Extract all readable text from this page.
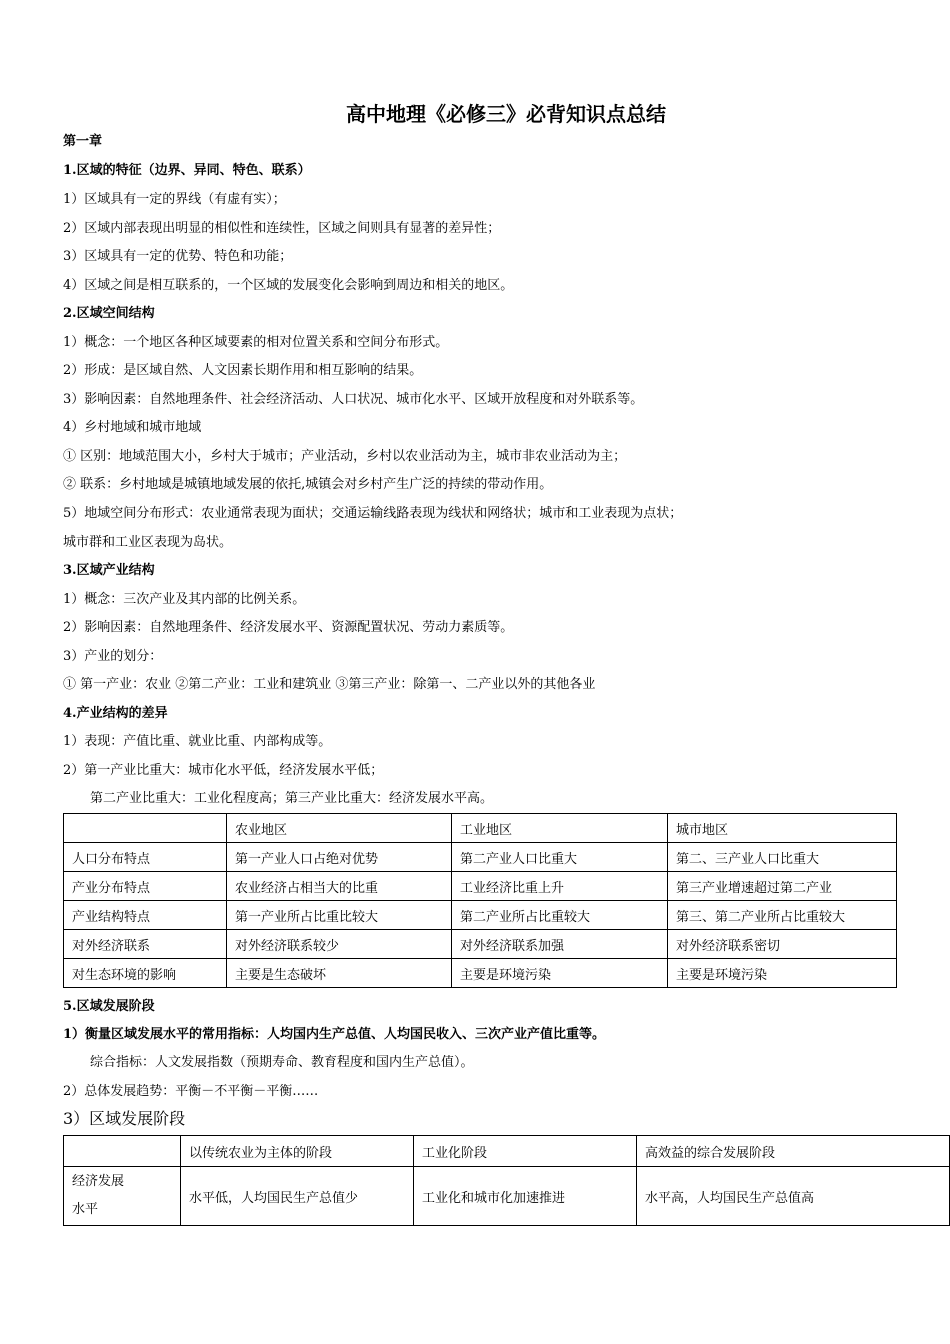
高中地理《必修三》必背知识点总结
第一章
1.区域的特征（边界、异同、特色、联系）
1）区域具有一定的界线（有虚有实）；
2）区域内部表现出明显的相似性和连续性，区域之间则具有显著的差异性；
3）区域具有一定的优势、特色和功能；
4）区域之间是相互联系的，一个区域的发展变化会影响到周边和相关的地区。
2.区域空间结构
1）概念：一个地区各种区域要素的相对位置关系和空间分布形式。
2）形成：是区域自然、人文因素长期作用和相互影响的结果。
3）影响因素：自然地理条件、社会经济活动、人口状况、城市化水平、区域开放程度和对外联系等。
4）乡村地域和城市地域
① 区别：地域范围大小，乡村大于城市；产业活动，乡村以农业活动为主，城市非农业活动为主；
② 联系：乡村地域是城镇地域发展的依托,城镇会对乡村产生广泛的持续的带动作用。
5）地域空间分布形式：农业通常表现为面状；交通运输线路表现为线状和网络状；城市和工业表现为点状；
城市群和工业区表现为岛状。
3.区域产业结构
1）概念：三次产业及其内部的比例关系。
2）影响因素：自然地理条件、经济发展水平、资源配置状况、劳动力素质等。
3）产业的划分：
① 第一产业：农业 ②第二产业：工业和建筑业 ③第三产业：除第一、二产业以外的其他各业
4.产业结构的差异
1）表现：产值比重、就业比重、内部构成等。
2）第一产业比重大：城市化水平低，经济发展水平低；
第二产业比重大：工业化程度高；第三产业比重大：经济发展水平高。
	农业地区	工业地区	城市地区
人口分布特点	第一产业人口占绝对优势	第二产业人口比重大	第二、三产业人口比重大
产业分布特点	农业经济占相当大的比重	工业经济比重上升	第三产业增速超过第二产业
产业结构特点	第一产业所占比重比较大	第二产业所占比重较大	第三、第二产业所占比重较大
对外经济联系	对外经济联系较少	对外经济联系加强	对外经济联系密切
对生态环境的影响	主要是生态破坏	主要是环境污染	主要是环境污染
5.区域发展阶段
1）衡量区域发展水平的常用指标：人均国内生产总值、人均国民收入、三次产业产值比重等。
综合指标：人文发展指数（预期寿命、教育程度和国内生产总值）。
2）总体发展趋势：平衡－不平衡－平衡……
3）区域发展阶段
	以传统农业为主体的阶段	工业化阶段	高效益的综合发展阶段
经济发展
水平	水平低，人均国民生产总值少	工业化和城市化加速推进	水平高，人均国民生产总值高
